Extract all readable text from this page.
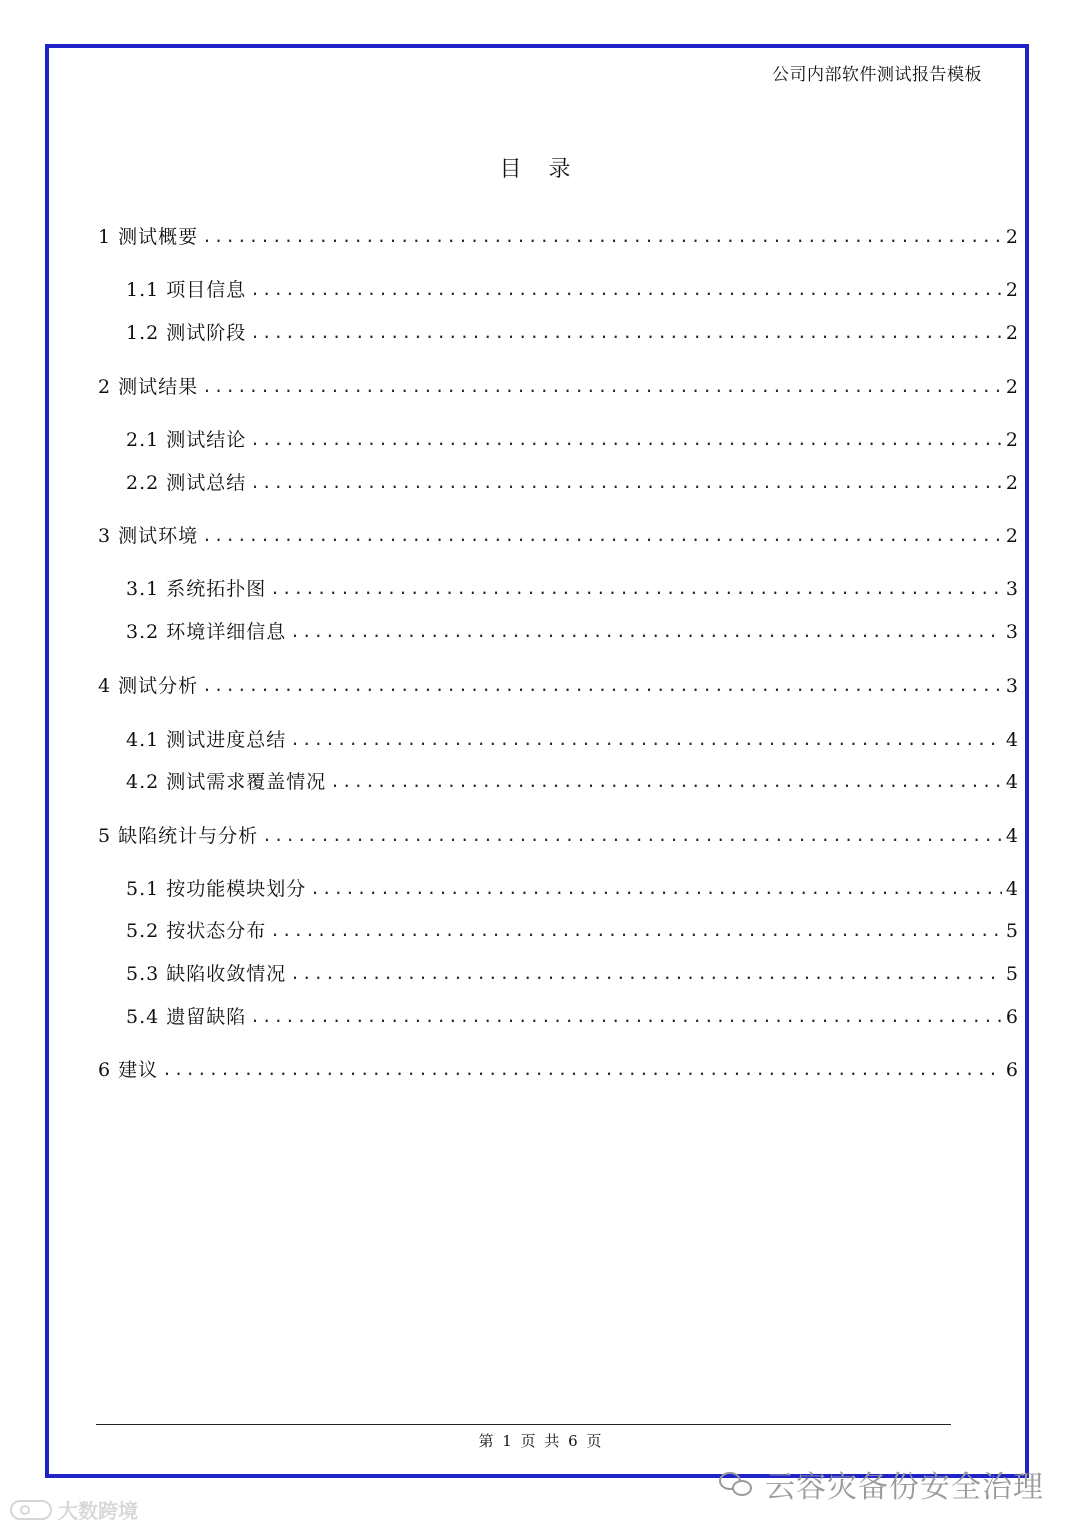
公司内部软件测试报告模板
目 录
1 测试概要 .....	2
1.1 项目信息 .....	2
1.2 测试阶段 .....	2
2 测试结果 .....	2
2.1 测试结论 .....	2
2.2 测试总结 .....	2
3 测试环境 .....	2
3.1 系统拓扑图 .....	3
3.2 环境详细信息 .....	3
4 测试分析 .....	3
4.1 测试进度总结 .....	4
4.2 测试需求覆盖情况 .....	4
5 缺陷统计与分析 .....	4
5.1 按功能模块划分 .....	4
5.2 按状态分布 .....	5
5.3 缺陷收敛情况 .....	5
5.4 遗留缺陷 .....	6
6 建议 .....	6
第 1 页 共 6 页
大数跨境
云容灾备份安全治理
